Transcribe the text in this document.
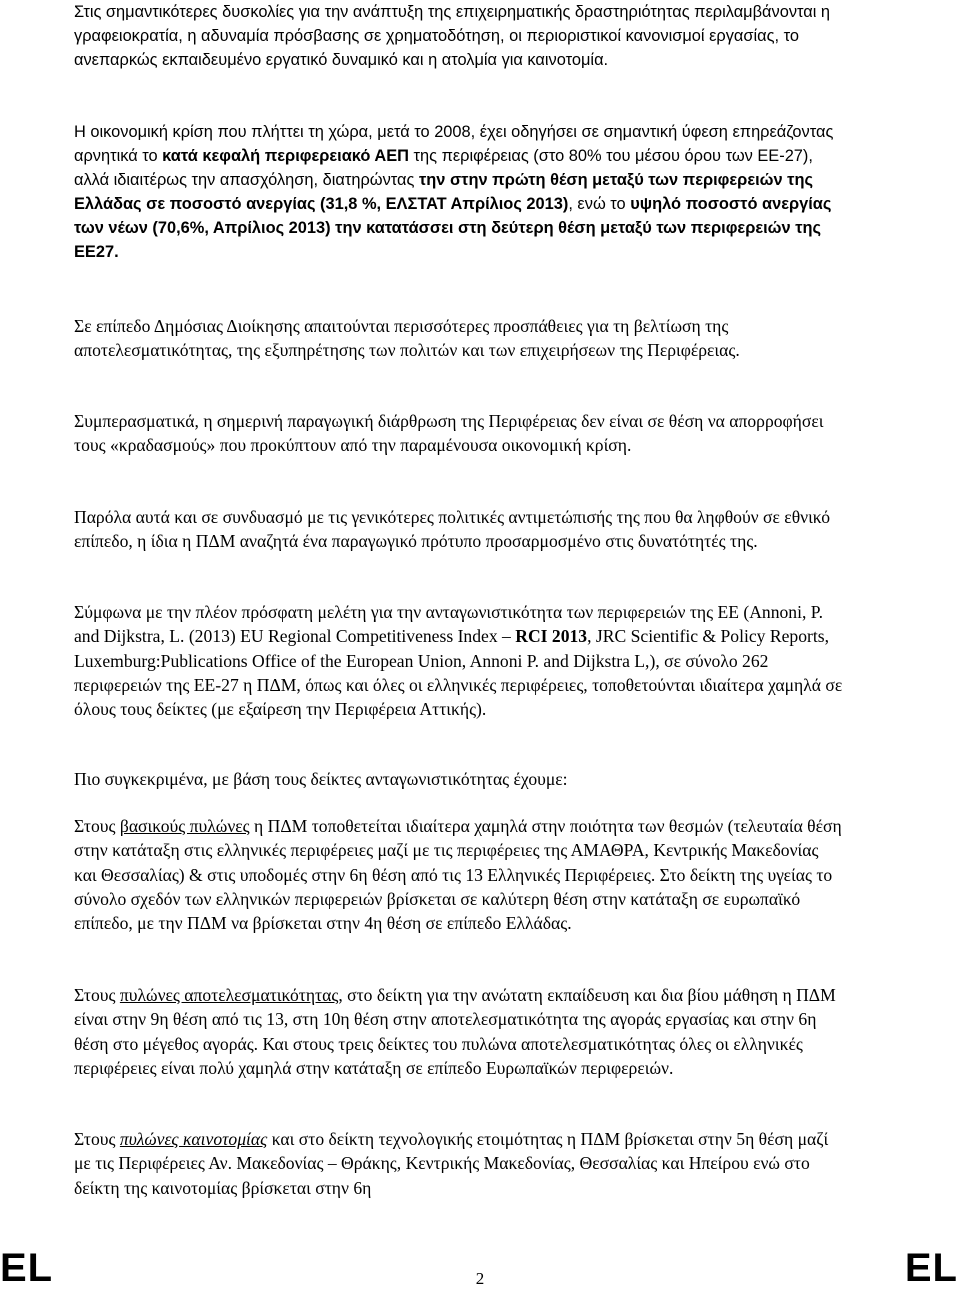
Στις σημαντικότερες δυσκολίες για την ανάπτυξη της επιχειρηματικής δραστηριότητας περιλαμβάνονται η γραφειοκρατία, η αδυναμία πρόσβασης σε χρηματοδότηση, οι περιοριστικοί κανονισμοί εργασίας, το ανεπαρκώς εκπαιδευμένο εργατικό δυναμικό και η ατολμία για καινοτομία.

Η οικονομική κρίση που πλήττει τη χώρα, μετά το 2008, έχει οδηγήσει σε σημαντική ύφεση επηρεάζοντας αρνητικά το κατά κεφαλή περιφερειακό ΑΕΠ της περιφέρειας (στο 80% του μέσου όρου των ΕΕ-27), αλλά ιδιαιτέρως την απασχόληση, διατηρώντας την στην πρώτη θέση μεταξύ των περιφερειών της Ελλάδας σε ποσοστό ανεργίας (31,8 %, ΕΛΣΤΑΤ Απρίλιος 2013), ενώ το υψηλό ποσοστό ανεργίας των νέων (70,6%, Απρίλιος 2013) την κατατάσσει στη δεύτερη θέση μεταξύ των περιφερειών της ΕΕ27.

Σε επίπεδο Δημόσιας Διοίκησης απαιτούνται περισσότερες προσπάθειες για τη βελτίωση της αποτελεσματικότητας, της εξυπηρέτησης των πολιτών και των επιχειρήσεων της Περιφέρειας.

Συμπερασματικά, η σημερινή παραγωγική διάρθρωση της Περιφέρειας δεν είναι σε θέση να απορροφήσει τους «κραδασμούς» που προκύπτουν από την παραμένουσα οικονομική κρίση.

Παρόλα αυτά και σε συνδυασμό με τις γενικότερες πολιτικές αντιμετώπισής της που θα ληφθούν σε εθνικό επίπεδο, η ίδια η ΠΔΜ αναζητά ένα παραγωγικό πρότυπο προσαρμοσμένο στις δυνατότητές της.

Σύμφωνα με την πλέον πρόσφατη μελέτη για την ανταγωνιστικότητα των περιφερειών της ΕΕ (Annoni, P. and Dijkstra, L. (2013) EU Regional Competitiveness Index – RCI 2013, JRC Scientific & Policy Reports, Luxemburg:Publications Office of the European Union, Annoni P. and Dijkstra L,), σε σύνολο 262 περιφερειών της ΕΕ-27 η ΠΔΜ, όπως και όλες οι ελληνικές περιφέρειες, τοποθετούνται ιδιαίτερα χαμηλά σε όλους τους δείκτες (με εξαίρεση την Περιφέρεια Αττικής).

Πιο συγκεκριμένα, με βάση τους δείκτες ανταγωνιστικότητας έχουμε:

Στους βασικούς πυλώνες η ΠΔΜ τοποθετείται ιδιαίτερα χαμηλά στην ποιότητα των θεσμών (τελευταία θέση στην κατάταξη στις ελληνικές περιφέρειες μαζί με τις περιφέρειες της ΑΜΑΘΡΑ, Κεντρικής Μακεδονίας και Θεσσαλίας) & στις υποδομές στην 6η θέση από τις 13 Ελληνικές Περιφέρειες. Στο δείκτη της υγείας το σύνολο σχεδόν των ελληνικών περιφερειών βρίσκεται σε καλύτερη θέση στην κατάταξη σε ευρωπαϊκό επίπεδο, με την ΠΔΜ να βρίσκεται στην 4η θέση σε επίπεδο Ελλάδας.

Στους πυλώνες αποτελεσματικότητας, στο δείκτη για την ανώτατη εκπαίδευση και δια βίου μάθηση η ΠΔΜ είναι στην 9η θέση από τις 13, στη 10η θέση στην αποτελεσματικότητα της αγοράς εργασίας και στην 6η θέση στο μέγεθος αγοράς. Και στους τρεις δείκτες του πυλώνα αποτελεσματικότητας όλες οι ελληνικές περιφέρειες είναι πολύ χαμηλά στην κατάταξη σε επίπεδο Ευρωπαϊκών περιφερειών.

Στους πυλώνες καινοτομίας και στο δείκτη τεχνολογικής ετοιμότητας η ΠΔΜ βρίσκεται στην 5η θέση μαζί με τις Περιφέρειες Αν. Μακεδονίας – Θράκης, Κεντρικής Μακεδονίας, Θεσσαλίας και Ηπείρου ενώ στο δείκτη της καινοτομίας βρίσκεται στην 6η

EL	2	EL
